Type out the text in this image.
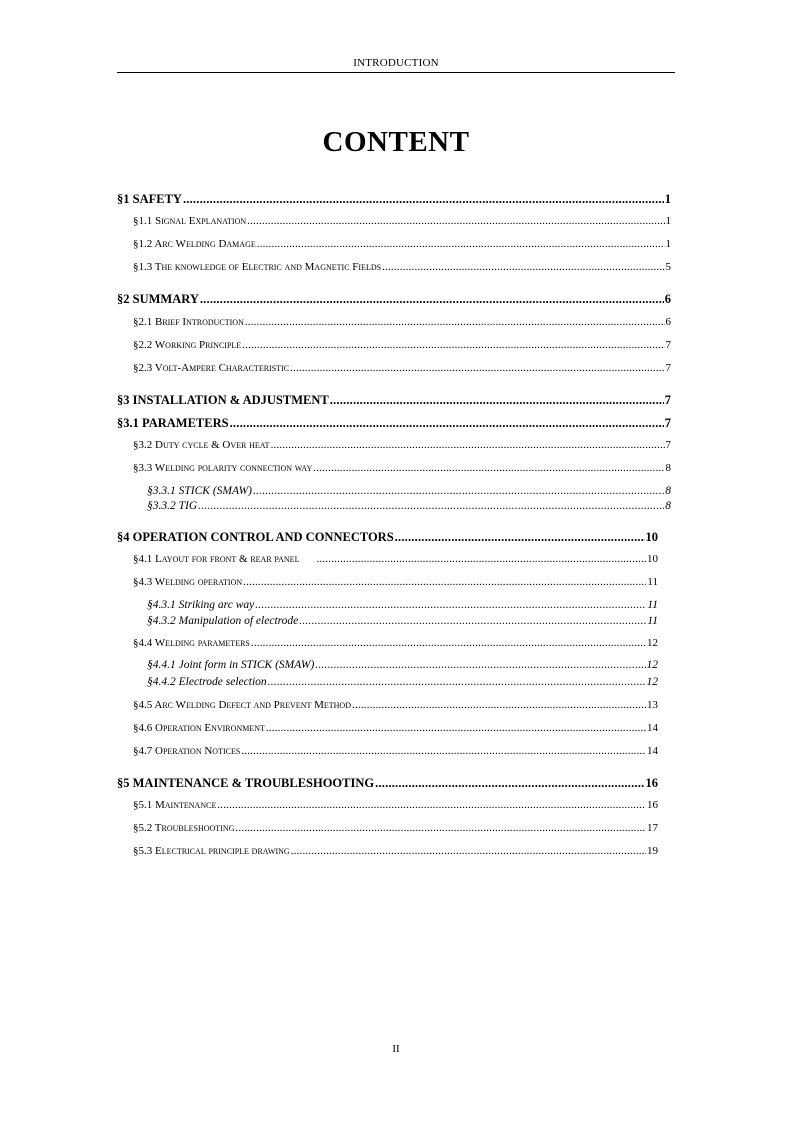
INTRODUCTION
CONTENT
§1 SAFETY .....	1
§1.1 Signal Explanation .....	1
§1.2 Arc Welding Damage .....	1
§1.3 The knowledge of Electric and Magnetic Fields .....	5
§2 SUMMARY .....	6
§2.1 Brief Introduction .....	6
§2.2 Working Principle .....	7
§2.3 Volt-Ampere Characteristic .....	7
§3 INSTALLATION & ADJUSTMENT .....	7
§3.1 PARAMETERS .....	7
§3.2 Duty cycle & Over heat .....	7
§3.3 Welding polarity connection way .....	8
§3.3.1 STICK (SMAW) .....	8
§3.3.2 TIG .....	8
§4 OPERATION CONTROL AND CONNECTORS .....	10
§4.1 Layout for front & rear panel .....	10
§4.3 Welding operation .....	11
§4.3.1 Striking arc way .....	11
§4.3.2 Manipulation of electrode .....	11
§4.4 Welding parameters .....	12
§4.4.1 Joint form in STICK (SMAW) .....	12
§4.4.2 Electrode selection .....	12
§4.5 Arc Welding Defect and Prevent Method .....	13
§4.6 Operation Environment .....	14
§4.7 Operation Notices .....	14
§5 MAINTENANCE & TROUBLESHOOTING .....	16
§5.1 Maintenance .....	16
§5.2 Troubleshooting .....	17
§5.3 Electrical principle drawing .....	19
II
